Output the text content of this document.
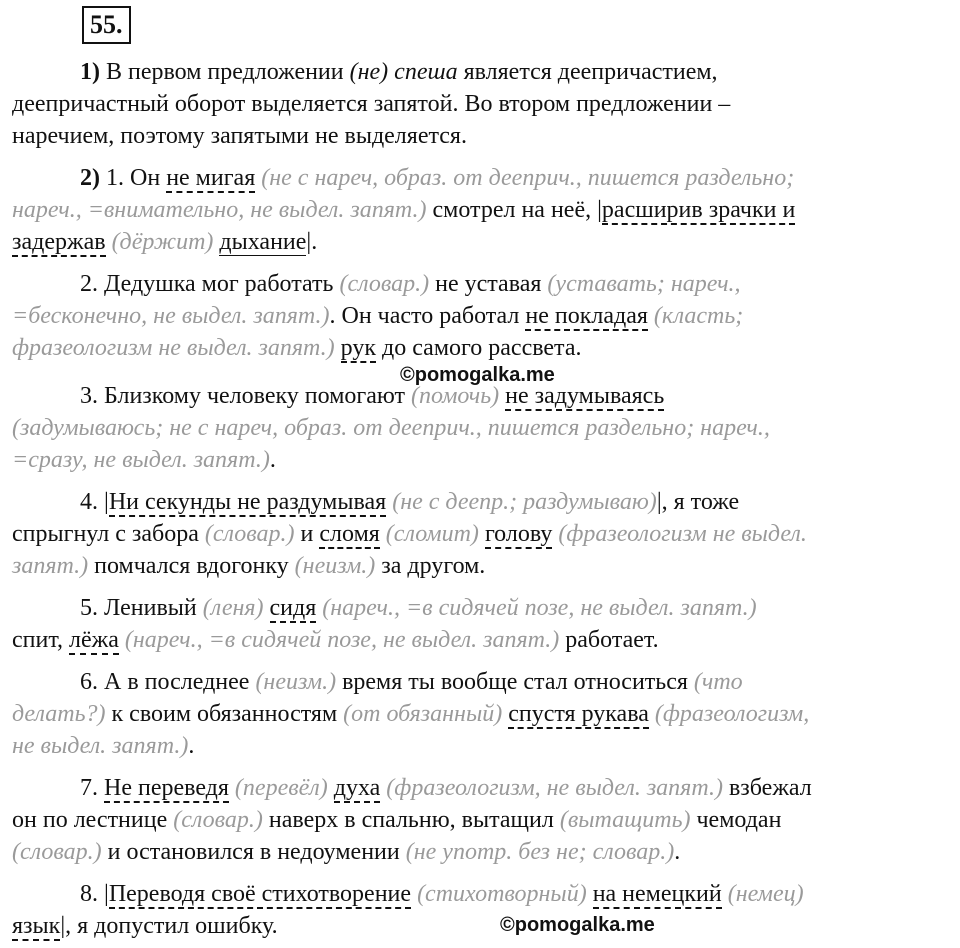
55.
1) В первом предложении (не) спеша является деепричастием,
деепричастный оборот выделяется запятой. Во втором предложении –
наречием, поэтому запятыми не выделяется.
2) 1. Он не мигая (не с нареч, образ. от дееприч., пишется раздельно;
нареч., =внимательно, не выдел. запят.) смотрел на неё, |расширив зрачки и
задержав (дёржит) дыхание|.
2. Дедушка мог работать (словар.) не уставая (уставать; нареч.,
=бесконечно, не выдел. запят.). Он часто работал не покладая (класть;
фразеологизм не выдел. запят.) рук до самого рассвета.
©pomogalka.me
3. Близкому человеку помогают (помочь) не задумываясь
(задумываюсь; не с нареч, образ. от дееприч., пишется раздельно; нареч.,
=сразу, не выдел. запят.).
4. |Ни секунды не раздумывая (не с деепр.; раздумываю)|, я тоже
спрыгнул с забора (словар.) и сломя (сломит) голову (фразеологизм не выдел.
запят.) помчался вдогонку (неизм.) за другом.
5. Ленивый (леня) сидя (нареч., =в сидячей позе, не выдел. запят.)
спит, лёжа (нареч., =в сидячей позе, не выдел. запят.) работает.
6. А в последнее (неизм.) время ты вообще стал относиться (что
делать?) к своим обязанностям (от обязанный) спустя рукава (фразеологизм,
не выдел. запят.).
7. Не переведя (перевёл) духа (фразеологизм, не выдел. запят.) взбежал
он по лестнице (словар.) наверх в спальню, вытащил (вытащить) чемодан
(словар.) и остановился в недоумении (не употр. без не; словар.).
8. |Переводя своё стихотворение (стихотворный) на немецкий (немец)
язык|, я допустил ошибку.	©pomogalka.me
